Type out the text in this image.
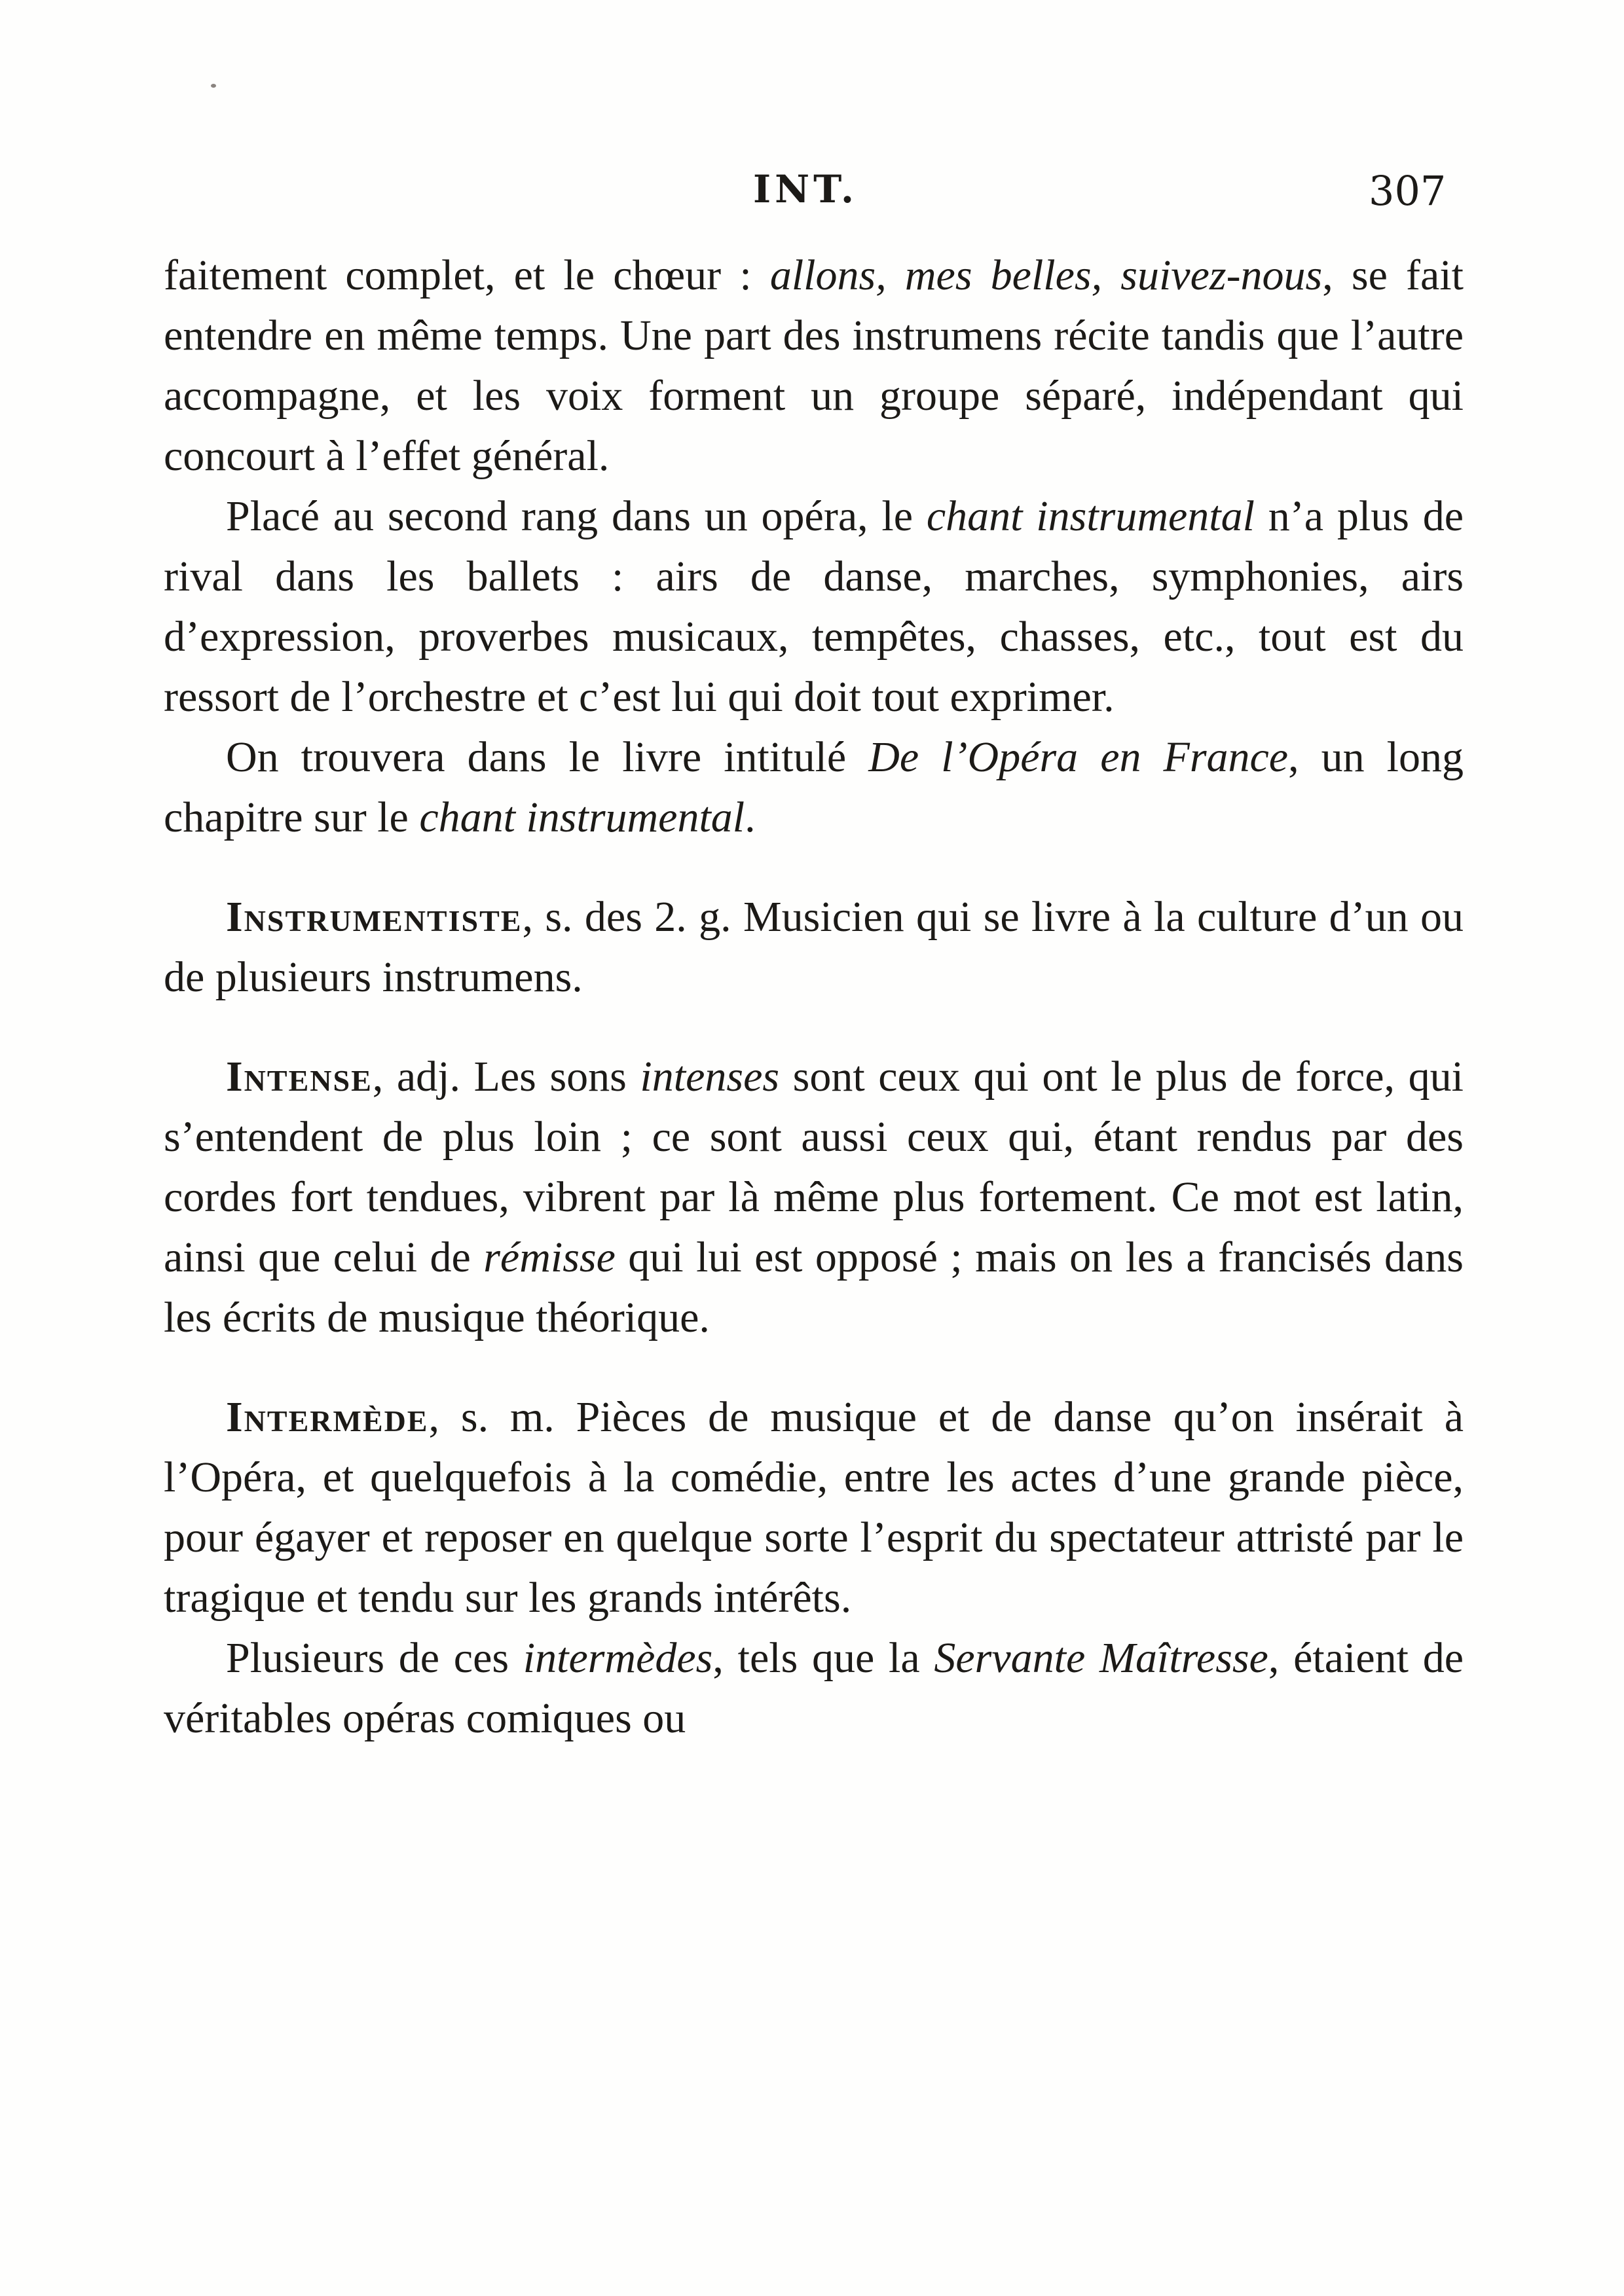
INT.	307

faitement complet, et le chœur : allons, mes belles, suivez-nous, se fait entendre en même temps. Une part des instrumens récite tandis que l’autre accompagne, et les voix forment un groupe séparé, indépendant qui concourt à l’effet général.

Placé au second rang dans un opéra, le chant instrumental n’a plus de rival dans les ballets : airs de danse, marches, symphonies, airs d’expression, proverbes musicaux, tempêtes, chasses, etc., tout est du ressort de l’orchestre et c’est lui qui doit tout exprimer.

On trouvera dans le livre intitulé De l’Opéra en France, un long chapitre sur le chant instrumental.

Instrumentiste, s. des 2. g. Musicien qui se livre à la culture d’un ou de plusieurs instrumens.

Intense, adj. Les sons intenses sont ceux qui ont le plus de force, qui s’entendent de plus loin ; ce sont aussi ceux qui, étant rendus par des cordes fort tendues, vibrent par là même plus fortement. Ce mot est latin, ainsi que celui de rémisse qui lui est opposé ; mais on les a francisés dans les écrits de musique théorique.

Intermède, s. m. Pièces de musique et de danse qu’on insérait à l’Opéra, et quelquefois à la comédie, entre les actes d’une grande pièce, pour égayer et reposer en quelque sorte l’esprit du spectateur attristé par le tragique et tendu sur les grands intérêts.

Plusieurs de ces intermèdes, tels que la Servante Maîtresse, étaient de véritables opéras comiques ou
